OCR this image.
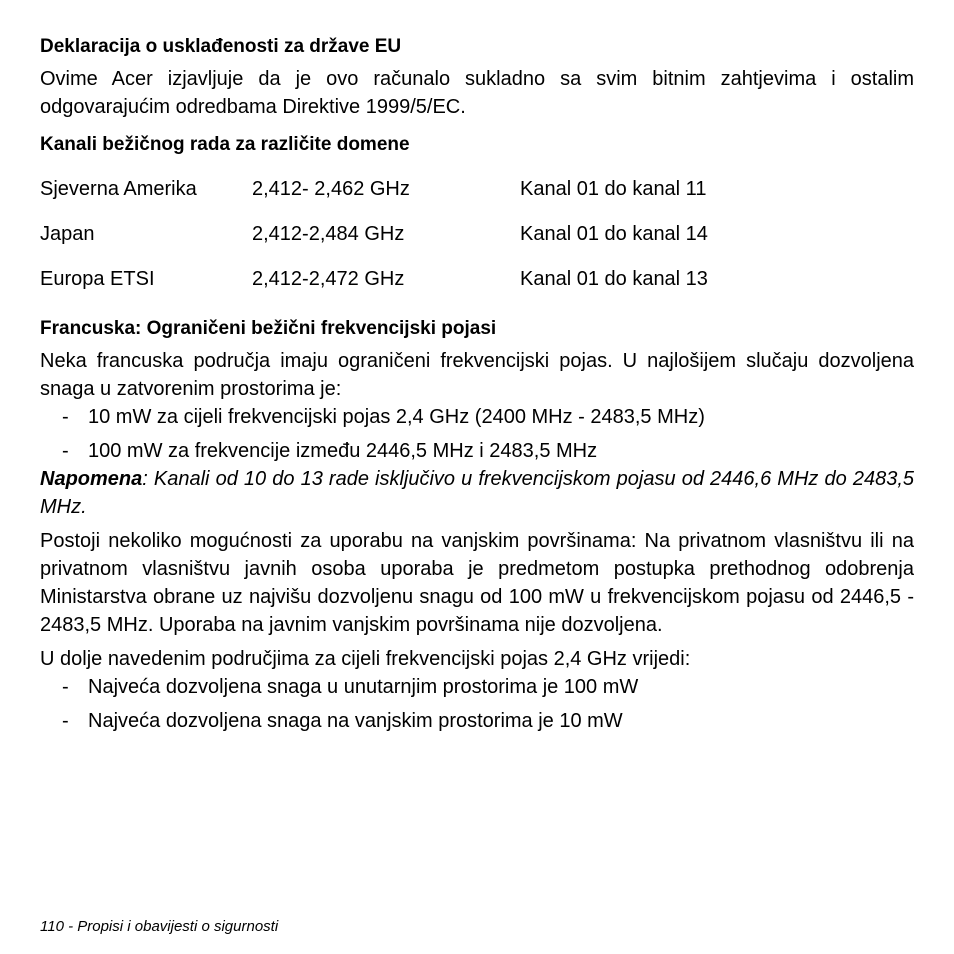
Deklaracija o usklađenosti za države EU

Ovime Acer izjavljuje da je ovo računalo sukladno sa svim bitnim zahtjevima i ostalim odgovarajućim odredbama Direktive 1999/5/EC.

Kanali bežičnog rada za različite domene
Sjeverna Amerika	2,412- 2,462 GHz	Kanal 01 do kanal 11
Japan	2,412-2,484 GHz	Kanal 01 do kanal 14
Europa ETSI	2,412-2,472 GHz	Kanal 01 do kanal 13
Francuska: Ograničeni bežični frekvencijski pojasi

Neka francuska područja imaju ograničeni frekvencijski pojas. U najlošijem slučaju dozvoljena snaga u zatvorenim prostorima je:

- 10 mW za cijeli frekvencijski pojas 2,4 GHz (2400 MHz - 2483,5 MHz)
- 100 mW za frekvencije između 2446,5 MHz i 2483,5 MHz

Napomena: Kanali od 10 do 13 rade isključivo u frekvencijskom pojasu od 2446,6 MHz do 2483,5 MHz.

Postoji nekoliko mogućnosti za uporabu na vanjskim površinama: Na privatnom vlasništvu ili na privatnom vlasništvu javnih osoba uporaba je predmetom postupka prethodnog odobrenja Ministarstva obrane uz najvišu dozvoljenu snagu od 100 mW u frekvencijskom pojasu od 2446,5 - 2483,5 MHz. Uporaba na javnim vanjskim površinama nije dozvoljena.

U dolje navedenim područjima za cijeli frekvencijski pojas 2,4 GHz vrijedi:

- Najveća dozvoljena snaga u unutarnjim prostorima je 100 mW
- Najveća dozvoljena snaga na vanjskim prostorima je 10 mW
110 - Propisi i obavijesti o sigurnosti
